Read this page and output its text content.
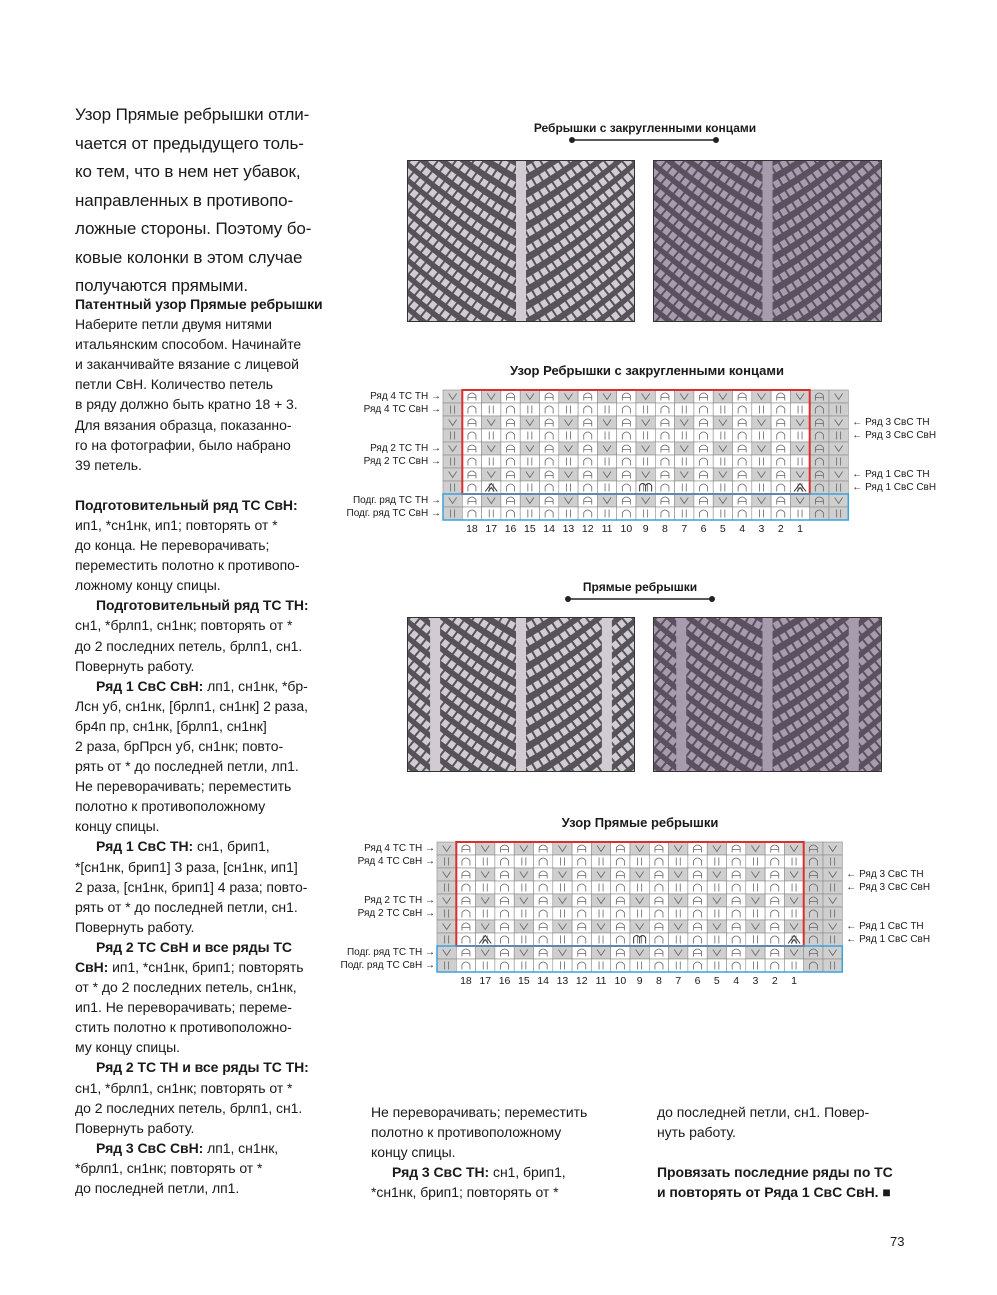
Узор Прямые ребрышки отли-
чается от предыдущего толь-
ко тем, что в нем нет убавок,
направленных в противопо-
ложные стороны. Поэтому бо-
ковые колонки в этом случае
получаются прямыми.
Патентный узор Прямые ребрышки
Наберите петли двумя нитями
итальянским способом. Начинайте
и заканчивайте вязание с лицевой
петли СвН. Количество петель
в ряду должно быть кратно 18 + 3.
Для вязания образца, показанно-
го на фотографии, было набрано
39 петель.
Подготовительный ряд ТС СвН:
ип1, *сн1нк, ип1; повторять от *
до конца. Не переворачивать;
переместить полотно к противопо-
ложному концу спицы.
Подготовительный ряд ТС ТН:
сн1, *брлп1, сн1нк; повторять от *
до 2 последних петель, брлп1, сн1.
Повернуть работу.
Ряд 1 СвС СвН: лп1, сн1нк, *бр-
Лсн уб, сн1нк, [брлп1, сн1нк] 2 раза,
бр4п пр, сн1нк, [брлп1, сн1нк]
2 раза, брПрсн уб, сн1нк; повто-
рять от * до последней петли, лп1.
Не переворачивать; переместить
полотно к противоположному
концу спицы.
Ряд 1 СвС ТН: сн1, брип1,
*[сн1нк, брип1] 3 раза, [сн1нк, ип1]
2 раза, [сн1нк, брип1] 4 раза; повто-
рять от * до последней петли, сн1.
Повернуть работу.
Ряд 2 ТС СвН и все ряды ТС
СвН: ип1, *сн1нк, брип1; повторять
от * до 2 последних петель, сн1нк,
ип1. Не переворачивать; переме-
стить полотно к противоположно-
му концу спицы.
Ряд 2 ТС ТН и все ряды ТС ТН:
сн1, *брлп1, сн1нк; повторять от *
до 2 последних петель, брлп1, сн1.
Повернуть работу.
Ряд 3 СвС СвН: лп1, сн1нк,
*брлп1, сн1нк; повторять от *
до последней петли, лп1.
Не переворачивать; переместить
полотно к противоположному
концу спицы.
Ряд 3 СвС ТН: сн1, брип1,
*сн1нк, брип1; повторять от *
до последней петли, сн1. Повер-
нуть работу.
Провязать последние ряды по ТС
и повторять от Ряда 1 СвС СвН. ■
Ребрышки с закругленными концами
Узор Ребрышки с закругленными концами
Ряд 4 ТС ТН →
Ряд 4 ТС СвН →
Ряд 2 ТС ТН →
Ряд 2 ТС СвН →
Подг. ряд ТС ТН →
Подг. ряд ТС СвН →
← Ряд 3 СвС ТН
← Ряд 3 СвС СвН
← Ряд 1 СвС ТН
← Ряд 1 СвС СвН
18 17 16 15 14 13 12 11 10	9	8	7	6	5	4	3	2	1
Прямые ребрышки
Узор Прямые ребрышки
Ряд 4 ТС ТН →
Ряд 4 ТС СвН →
Ряд 2 ТС ТН →
Ряд 2 ТС СвН →
Подг. ряд ТС ТН →
Подг. ряд ТС СвН →
← Ряд 3 СвС ТН
← Ряд 3 СвС СвН
← Ряд 1 СвС ТН
← Ряд 1 СвС СвН
18 17 16 15 14 13 12 11 10	9	8	7	6	5	4	3	2	1
73
